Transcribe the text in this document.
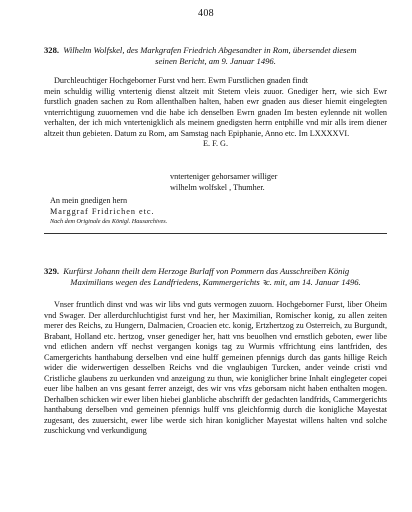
408

328. Wilhelm Wolfskel, des Markgrafen Friedrich Abgesandter in Rom, übersendet diesem

seinen Bericht, am 9. Januar 1496.

Durchleuchtiger Hochgeborner Furst vnd herr. Ewrn Furstlichen gnaden findt

mein schuldig willig vntertenig dienst altzeit mit Stetem vleis zuuor. Gnediger herr, wie sich Ewr furstlich gnaden sachen zu Rom allenthalben halten, haben ewr gnaden aus dieser hiemit eingelegten vnterrichtigung zuuornemen vnd die habe ich denselben Ewrn gnaden Im besten eylennde nit wollen verhalten, der ich mich vntertenigklich als meinem gnedigsten herrn entphille vnd mir alls irem diener altzeit thun gebieten. Datum zu Rom, am Samstag nach Epiphanie, Anno etc. Im LXXXXVI.

E. F. G.
vnterteniger gehorsamer williger
wilhelm wolfskel , Thumher.
An mein gnedigen hern
Marggraf Fridrichen etc.
Nach dem Originale des Königl. Hausarchives.

329. Kurfürst Johann theilt dem Herzoge Burlaff von Pommern das Ausschreiben König

Maximilians wegen des Landfriedens, Kammergerichts ꝛc. mit, am 14. Januar 1496.

Vnser fruntlich dinst vnd was wir libs vnd guts vermogen zuuorn. Hochgeborner Furst, liber Oheim vnd Swager. Der allerdurchluchtigist furst vnd her, her Maximilian, Romischer konig, zu allen zeiten merer des Reichs, zu Hungern, Dalmacien, Croacien etc. konig, Ertzhertzog zu Osterreich, zu Burgundt, Brabant, Holland etc. hertzog, vnser genediger her, hatt vns beuolhen vnd ernstlich geboten, ewer libe vnd etlichen andern vff nechst vergangen konigs tag zu Wurmis vffrichtung eins lantfriden, des Camergerichts hanthabung derselben vnd eine hulff gemeinen pfennigs durch das gants hillige Reich wider die widerwertigen desselben Reichs vnd die vnglaubigen Turcken, ander veinde cristi vnd Cristliche glaubens zu uerkunden vnd anzeigung zu thun, wie koniglicher brine Inhalt einglegeter copei euer libe halben an vns gesant ferrer anzeigt, des wir vns vfzs geborsam nicht haben enthalten mogen. Derhalben schicken wir ewer liben hiebei glanbliche abschrifft der gedachten landfrids, Cammergerichts hanthabung derselben vnd gemeinen pfennigs hulff vns gleichformig durch die konigliche Mayestat zugesant, des zuuersicht, ewer libe werde sich hiran koniglicher Mayestat willens halten vnd solche zuschickung vnd verkundigung
